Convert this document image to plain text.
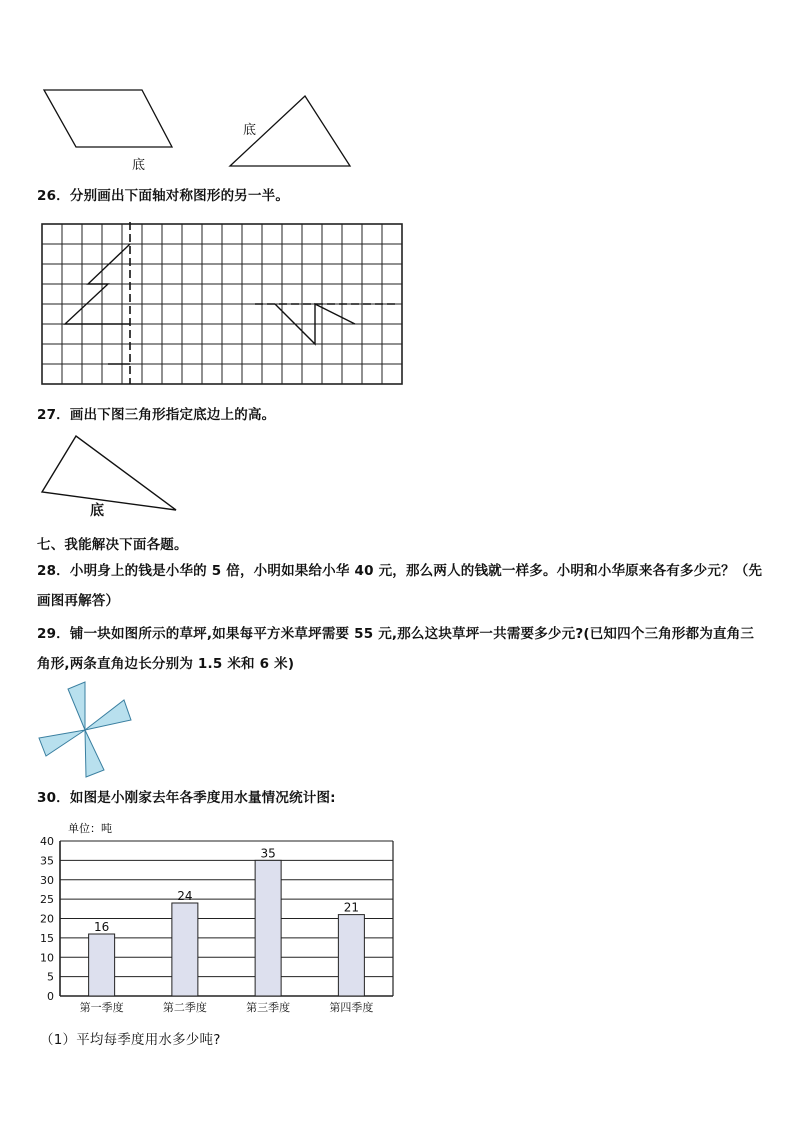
底
底
26．分别画出下面轴对称图形的另一半。
27．画出下图三角形指定底边上的高。
底
七、我能解决下面各题。
28．小明身上的钱是小华的 5 倍，小明如果给小华 40 元，那么两人的钱就一样多。小明和小华原来各有多少元？（先
画图再解答）
29．铺一块如图所示的草坪,如果每平方米草坪需要 55 元,那么这块草坪一共需要多少元?(已知四个三角形都为直角三
角形,两条直角边长分别为 1.5 米和 6 米)
30．如图是小刚家去年各季度用水量情况统计图:
单位：吨
0
5
10
15
20
25
30
35
40
第一季度	第二季度	第三季度	第四季度
16
24
35
21
（1）平均每季度用水多少吨?
